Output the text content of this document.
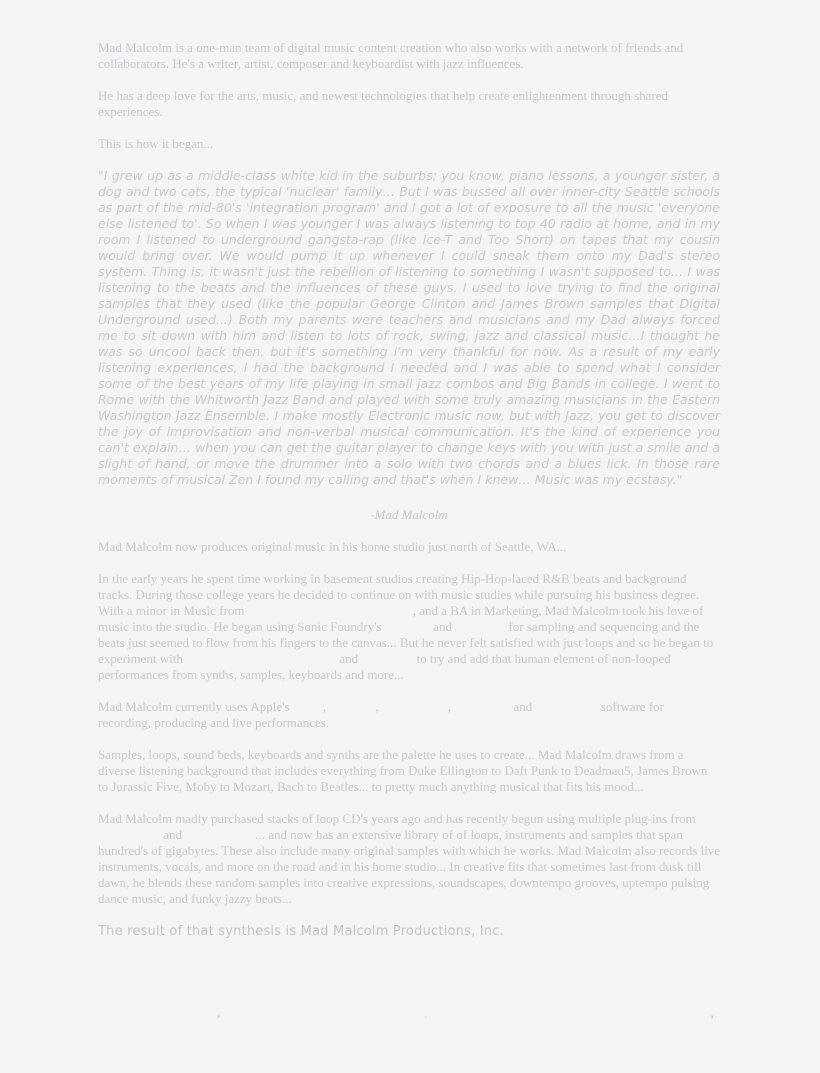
Mad Malcolm is a one-man team of digital music content creation who also works with a network of friends and collaborators. He's a writer, artist, composer and keyboardist with jazz influences.
He has a deep love for the arts, music, and newest technologies that help create enlightenment through shared experiences.
This is how it began...
"I grew up as a middle-class white kid in the suburbs; you know, piano lessons, a younger sister, a dog and two cats, the typical 'nuclear' family… But I was bussed all over inner-city Seattle schools as part of the mid-80's 'integration program' and I got a lot of exposure to all the music 'everyone else listened to'. So when I was younger I was always listening to top 40 radio at home, and in my room I listened to underground gangsta-rap (like Ice-T and Too Short) on tapes that my cousin would bring over. We would pump it up whenever I could sneak them onto my Dad's stereo system. Thing is, it wasn't just the rebellion of listening to something I wasn't supposed to... I was listening to the beats and the influences of these guys. I used to love trying to find the original samples that they used (like the popular George Clinton and James Brown samples that Digital Underground used...) Both my parents were teachers and musicians and my Dad always forced me to sit down with him and listen to lots of rock, swing, jazz and classical music…I thought he was so uncool back then, but it's something I'm very thankful for now. As a result of my early listening experiences, I had the background I needed and I was able to spend what I consider some of the best years of my life playing in small jazz combos and Big Bands in college. I went to Rome with the Whitworth Jazz Band and played with some truly amazing musicians in the Eastern Washington Jazz Ensemble. I make mostly Electronic music now, but with Jazz, you get to discover the joy of improvisation and non-verbal musical communication. It's the kind of experience you can't explain… when you can get the guitar player to change keys with you with just a smile and a slight of hand, or move the drummer into a solo with two chords and a blues lick. In those rare moments of musical Zen I found my calling and that's when I knew… Music was my ecstasy."
-Mad Malcolm
Mad Malcolm now produces original music in his home studio just north of Seattle, WA...
In the early years he spent time working in basement studios creating Hip-Hop-laced R&B beats and background tracks. During those college years he decided to continue on with music studies while pursuing his business degree. With a minor in Music from	, and a BA in Marketing, Mad Malcolm took his love of music into the studio. He began using Sonic Foundry's	and	for sampling and sequencing and the beats just seemed to flow from his fingers to the canvas... But he never felt satisfied with just loops and so he began to experiment with	and	to try and add that human element of non-looped performances from synths, samples, keyboards and more...
Mad Malcolm currently uses Apple's ,	,	,	and	software for recording, producing and live performances.
Samples, loops, sound beds, keyboards and synths are the palette he uses to create... Mad Malcolm draws from a diverse listening background that includes everything from Duke Ellington to Daft Punk to Deadmau5, James Brown to Jurassic Five, Moby to Mozart, Bach to Beatles... to pretty much anything musical that fits his mood...
Mad Malcolm madly purchased stacks of loop CD's years ago and has recently begun using multiple plug-ins from  and	... and now has an extensive library of of loops, instruments and samples that span hundred's of gigabytes. These also include many original samples with which he works. Mad Malcolm also records live instruments, vocals, and more on the road and in his home studio... In creative fits that sometimes last from dusk till dawn, he blends these random samples into creative expressions, soundscapes, downtempo grooves, uptempo pulsing dance music, and funky jazzy beats...
The result of that synthesis is Mad Malcolm Productions, Inc.
,	,	,
